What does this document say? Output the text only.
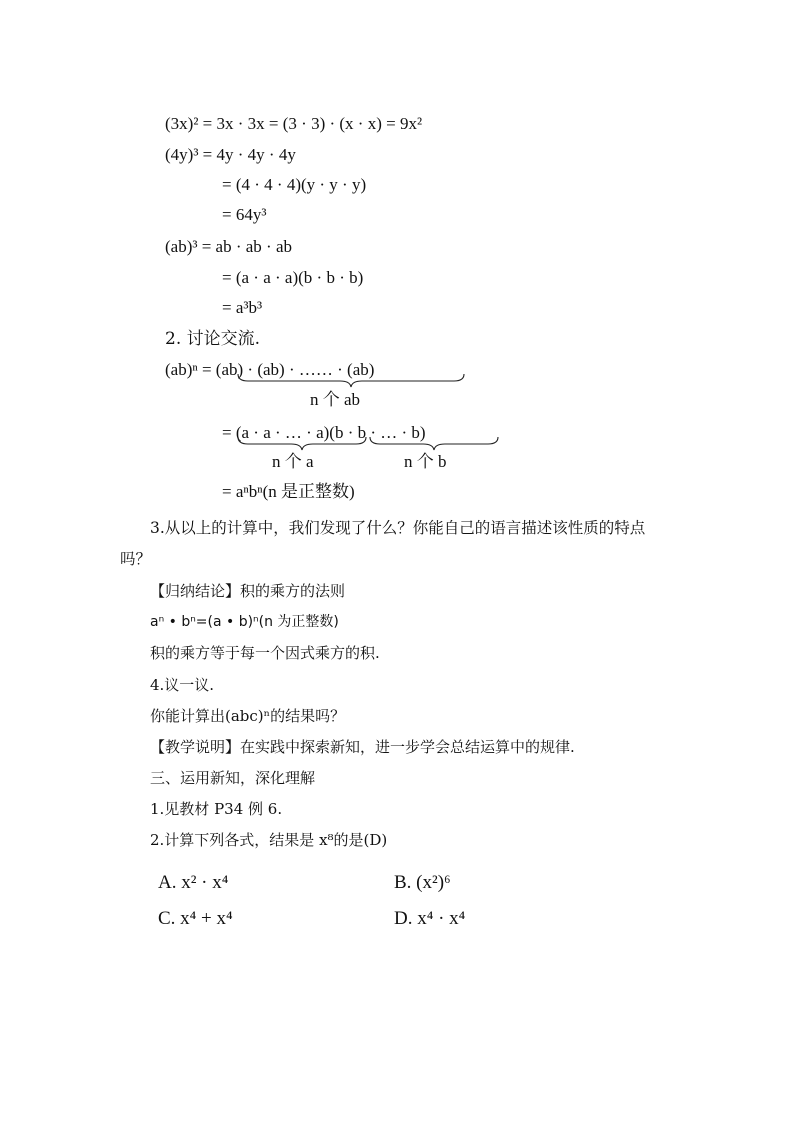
(3x)² = 3x · 3x = (3 · 3) · (x · x) = 9x²
(4y)³ = 4y · 4y · 4y
= (4 · 4 · 4)(y · y · y)
= 64y³
(ab)³ = ab · ab · ab
= (a · a · a)(b · b · b)
= a³b³
2. 讨论交流.
(ab)ⁿ = (ab) · (ab) · …… · (ab)
n 个 ab
= (a · a · … · a)(b · b · … · b)
n 个 a	n 个 b
= aⁿbⁿ(n 是正整数)
3.从以上的计算中，我们发现了什么？你能自己的语言描述该性质的特点
吗？
【归纳结论】积的乘方的法则
aⁿ • bⁿ=(a • b)ⁿ(n 为正整数)
积的乘方等于每一个因式乘方的积.
4.议一议.
你能计算出(abc)ⁿ的结果吗？
【教学说明】在实践中探索新知，进一步学会总结运算中的规律.
三、运用新知，深化理解
1.见教材 P34 例 6.
2.计算下列各式，结果是 x⁸的是(D)
A. x² · x⁴	B. (x²)⁶
C. x⁴ + x⁴	D. x⁴ · x⁴
